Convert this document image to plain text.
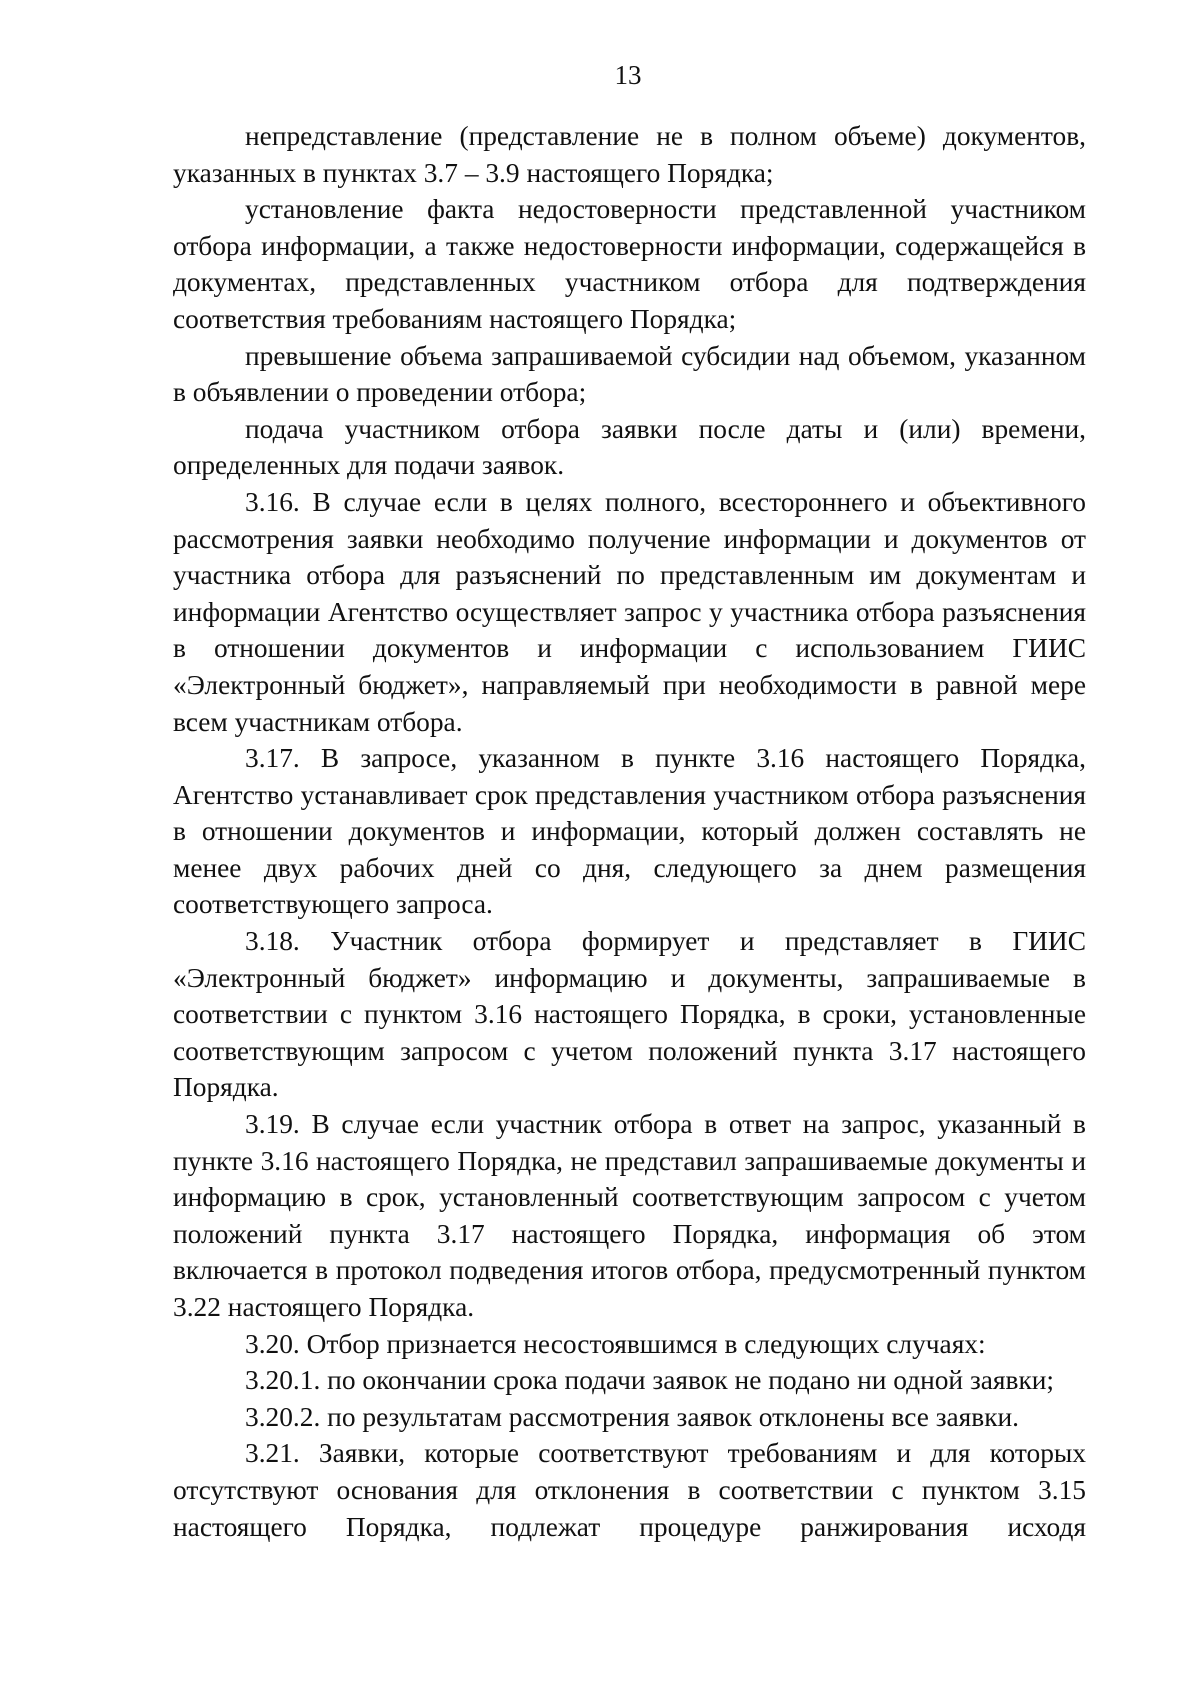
13

непредставление (представление не в полном объеме) документов, указанных в пунктах 3.7 – 3.9 настоящего Порядка;

установление факта недостоверности представленной участником отбора информации, а также недостоверности информации, содержащейся в документах, представленных участником отбора для подтверждения соответствия требованиям настоящего Порядка;

превышение объема запрашиваемой субсидии над объемом, указанном в объявлении о проведении отбора;

подача участником отбора заявки после даты и (или) времени, определенных для подачи заявок.

3.16. В случае если в целях полного, всестороннего и объективного рассмотрения заявки необходимо получение информации и документов от участника отбора для разъяснений по представленным им документам и информации Агентство осуществляет запрос у участника отбора разъяснения в отношении документов и информации с использованием ГИИС «Электронный бюджет», направляемый при необходимости в равной мере всем участникам отбора.

3.17. В запросе, указанном в пункте 3.16 настоящего Порядка, Агентство устанавливает срок представления участником отбора разъяснения в отношении документов и информации, который должен составлять не менее двух рабочих дней со дня, следующего за днем размещения соответствующего запроса.

3.18. Участник отбора формирует и представляет в ГИИС «Электронный бюджет» информацию и документы, запрашиваемые в соответствии с пунктом 3.16 настоящего Порядка, в сроки, установленные соответствующим запросом с учетом положений пункта 3.17 настоящего Порядка.

3.19. В случае если участник отбора в ответ на запрос, указанный в пункте 3.16 настоящего Порядка, не представил запрашиваемые документы и информацию в срок, установленный соответствующим запросом с учетом положений пункта 3.17 настоящего Порядка, информация об этом включается в протокол подведения итогов отбора, предусмотренный пунктом 3.22 настоящего Порядка.

3.20. Отбор признается несостоявшимся в следующих случаях:

3.20.1. по окончании срока подачи заявок не подано ни одной заявки;

3.20.2. по результатам рассмотрения заявок отклонены все заявки.

3.21. Заявки, которые соответствуют требованиям и для которых отсутствуют основания для отклонения в соответствии с пунктом 3.15 настоящего Порядка, подлежат процедуре ранжирования исходя
